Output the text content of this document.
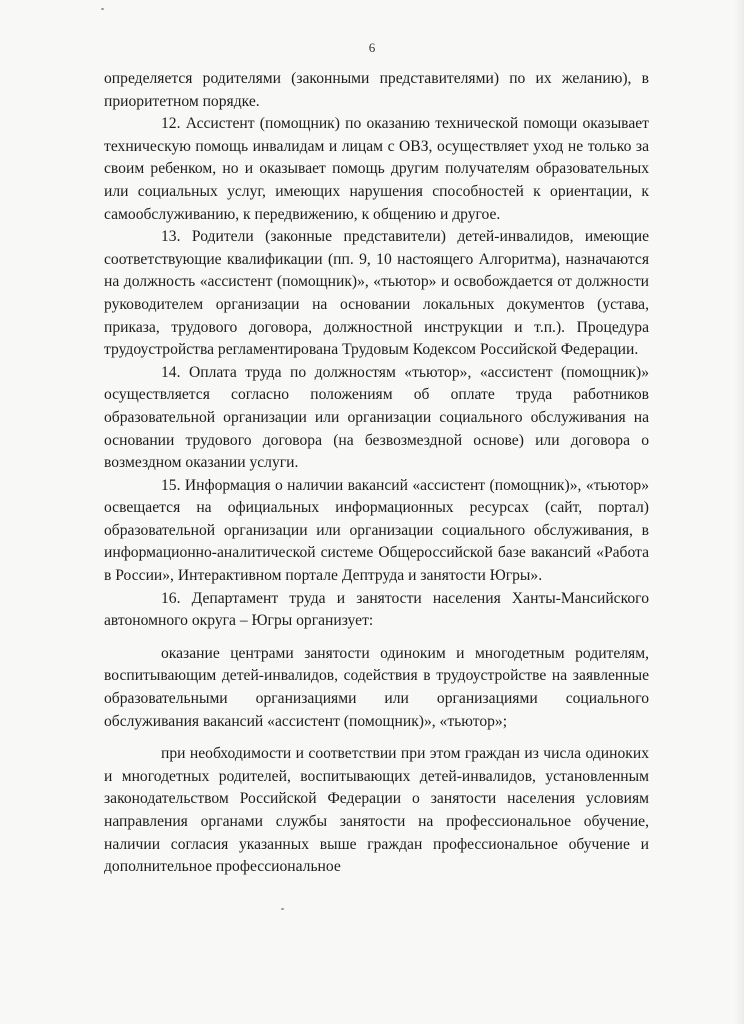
6

определяется родителями (законными представителями) по их желанию), в приоритетном порядке.

12. Ассистент (помощник) по оказанию технической помощи оказывает техническую помощь инвалидам и лицам с ОВЗ, осуществляет уход не только за своим ребенком, но и оказывает помощь другим получателям образовательных или социальных услуг, имеющих нарушения способностей к ориентации, к самообслуживанию, к передвижению, к общению и другое.

13. Родители (законные представители) детей-инвалидов, имеющие соответствующие квалификации (пп. 9, 10 настоящего Алгоритма), назначаются на должность «ассистент (помощник)», «тьютор» и освобождается от должности руководителем организации на основании локальных документов (устава, приказа, трудового договора, должностной инструкции и т.п.). Процедура трудоустройства регламентирована Трудовым Кодексом Российской Федерации.

14. Оплата труда по должностям «тьютор», «ассистент (помощник)» осуществляется согласно положениям об оплате труда работников образовательной организации или организации социального обслуживания на основании трудового договора (на безвозмездной основе) или договора о возмездном оказании услуги.

15. Информация о наличии вакансий «ассистент (помощник)», «тьютор» освещается на официальных информационных ресурсах (сайт, портал) образовательной организации или организации социального обслуживания, в информационно-аналитической системе Общероссийской базе вакансий «Работа в России», Интерактивном портале Дептруда и занятости Югры».

16. Департамент труда и занятости населения Ханты-Мансийского автономного округа – Югры организует:

оказание центрами занятости одиноким и многодетным родителям, воспитывающим детей-инвалидов, содействия в трудоустройстве на заявленные образовательными организациями или организациями социального обслуживания вакансий «ассистент (помощник)», «тьютор»;

при необходимости и соответствии при этом граждан из числа одиноких и многодетных родителей, воспитывающих детей-инвалидов, установленным законодательством Российской Федерации о занятости населения условиям направления органами службы занятости на профессиональное обучение, наличии согласия указанных выше граждан профессиональное обучение и дополнительное профессиональное
